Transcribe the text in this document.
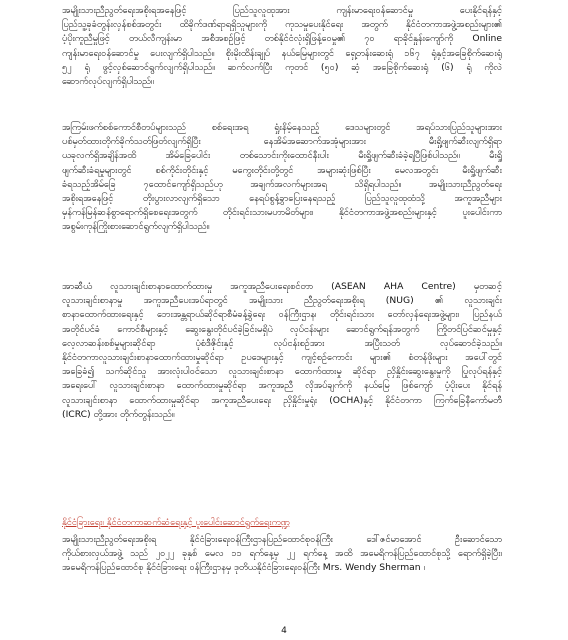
အမျိုးသားညီညွတ်ရေးအစိုးရအနေဖြင့် ပြည်သူလူထုအား ကျန်းမာရေးဝန်ဆောင်မှု ပေးနိုင်ရန်နှင့်
ပြည်သူ့ခုခံတွန်းလှန်စစ်အတွင်း ထိခိုက်ဒဏ်ရာရရှိသူများကို ကုသမှုပေးနိုင်ရေး အတွက် နိုင်ငံတကာအဖွဲ့အစည်းများ၏
ပံ့ပိုးကူညီမှုဖြင့် တယ်လီကျန်းမာ အစီအစဉ်ဖြင့် တစ်နိုင်ငံလုံးရှိဖြန့်ဝေမှု၏ ၇၀ ရာခိုင်နှုန်းကျော်ကို Online
ကျန်းမာရေးဝန်ဆောင်မှု ပေးလျက်ရှိပါသည်။ စိုးမိုးထိန်းချုပ် နယ်မြေများတွင် ရှေ့တန်းဆေးရုံ ၁၆၇ ရုံနှင့်အခြေစိုက်ဆေးရုံ
၅၂ ရုံ ဖွင့်လှစ်ဆောင်ရွက်လျက်ရှိပါသည်။ ဆက်လက်ပြီး ကုတင် (၅၀) ဆံ့ အခြေစိုက်ဆေးရုံ (၆) ရုံ ကိုလဲ
ဆောက်လုပ်လျက်ရှိပါသည်။
အကြမ်းဖက်စစ်ကောင်စီတပ်များသည် စစ်ရေးအရ ရှုံးနိမ့်နေသည့် ဒေသများတွင် အရပ်သားပြည်သူများအား
ပစ်မှတ်ထားတိုက်ခိုက်သတ်ဖြတ်လျက်ရှိပြီး နေအိမ်အဆောက်အအုံများအား မီးရှို့ဖျက်ဆီးလျက်ရှိရာ
ယခုလက်ရှိအချိန်အထိ အိမ်ခြေပေါင်း တစ်သောင်းကိုးထောင်နီးပါး မီးရှို့ဖျက်ဆီးခံခဲ့ရပြီဖြစ်ပါသည်။ မီးရှို့
ဖျက်ဆီးခံရမှုများတွင် စစ်ကိုင်းတိုင်းနှင့် မကွေးတိုင်းတို့တွင် အများဆုံးဖြစ်ပြီး မေလအတွင်း မီးရှို့ဖျက်ဆီး
ခံရသည့်အိမ်ခြေ ၇ထောင်ကျော်ရှိသည်ဟု အချက်အလက်များအရ သိရှိရပါသည်။ အမျိုးသားညီညွတ်ရေး
အစိုးရအနေဖြင့် တိုးပွားလာလျက်ရှိသော နေရပ်စွန့်ခွာပြေးနေရသည့် ပြည်သူလူထုထံသို့ အကူအညီများ
မှန်ကန်မြန်ဆန်စွာရောက်ရှိစေရေးအတွက် တိုင်းရင်းသားမဟာမိတ်များ၊ နိုင်ငံတကာအဖွဲ့အစည်းများနှင့် ပူးပေါင်းကာ
အစွမ်းကုန်ကြိုးစားဆောင်ရွက်လျက်ရှိပါသည်။
အာဆီယံ လူသားချင်းစာနာထောက်ထားမှု အကူအညီပေးရေးစင်တာ (ASEAN AHA Centre) မှတဆင့်
လူသားချင်းစာနာမှု အကူအညီပေးအပ်ရာတွင် အမျိုးသား ညီညွတ်ရေးအစိုးရ (NUG) ၏ လူသားချင်း
စာနာထောက်ထားရေးနှင့် ဘေးအန္တရာယ်ဆိုင်ရာစီမံခန့်ခွဲရေး ဝန်ကြီးဌာန၊ တိုင်းရင်းသား တော်လှန်ရေးအဖွဲ့များ၊ ပြည်နယ်
အတိုင်ပင်ခံ ကောင်စီများနှင့် ဆွေးနွေးတိုင်ပင်ခဲ့ခြင်းမရှိပဲ လုပ်ငန်းများ ဆောင်ရွက်ရန်အတွက် ကြိုတင်ပြင်ဆင်မှုနှင့်
လေ့လာဆန်းစစ်မှုများဆိုင်ရာ ပုံစံဒီဇိုင်းနှင့် လုပ်ငန်းစဉ်အား အပြီးသတ် လုပ်ဆောင်ခဲ့သည်။
နိုင်ငံတကာလူသားချင်းစာနာထောက်ထားမှုဆိုင်ရာ ဥပဒေများနှင့် ကျင့်စဉ်ကောင်း များ၏ စံတန်ဖိုးများ အပေါ်တွင်
အခြေခံ၍ သက်ဆိုင်သူ အားလုံးပါဝင်သော လူသားချင်းစာနာ ထောက်ထားမှု ဆိုင်ရာ ညှိနှိုင်းဆွေးနွေးမှုကို ပြုလုပ်ရန်နှင့်
အရေးပေါ် လူသားချင်းစာနာ ထောက်ထားမှုဆိုင်ရာ အကူအညီ လိုအပ်ချက်ကို နယ်မြေ ဖြစ်ကျော် ပံ့ပိုးပေး နိုင်ရန်
လူသားချင်းစာနာ ထောက်ထားမှုဆိုင်ရာ အကူအညီပေးရေး ညှိနှိုင်းမှုရုံး (OCHA)နှင့် နိုင်ငံတကာ ကြက်ခြေနီကော်မတီ
(ICRC) တို့အား တိုက်တွန်းသည်။
နိုင်ငံခြားရေး၊ နိုင်ငံတကာဆက်ဆံရေးနှင့် ပူးပေါင်းဆောင်ရွက်ရေးကဏ္ဍ
အမျိုးသားညီညွတ်ရေးအစိုးရ နိုင်ငံခြားရေးဝန်ကြီးဌာနပြည်ထောင်စုဝန်ကြီး ဒေါ်ဇင်မာအောင် ဦးဆောင်သော
ကိုယ်စားလှယ်အဖွဲ့ သည် ၂၀၂၂ ခုနှစ် မေလ ၁၁ ရက်နေ့မှ ၂၂ ရက်နေ့ အထိ အမေရိကန်ပြည်ထောင်စုသို့ ရောက်ရှိခဲ့ပြီး၊
အမေရိကန်ပြည်ထောင်စု နိုင်ငံခြားရေး ဝန်ကြီးဌာနမှ ဒုတိယနိုင်ငံခြားရေးဝန်ကြီး Mrs. Wendy Sherman ၊
4
